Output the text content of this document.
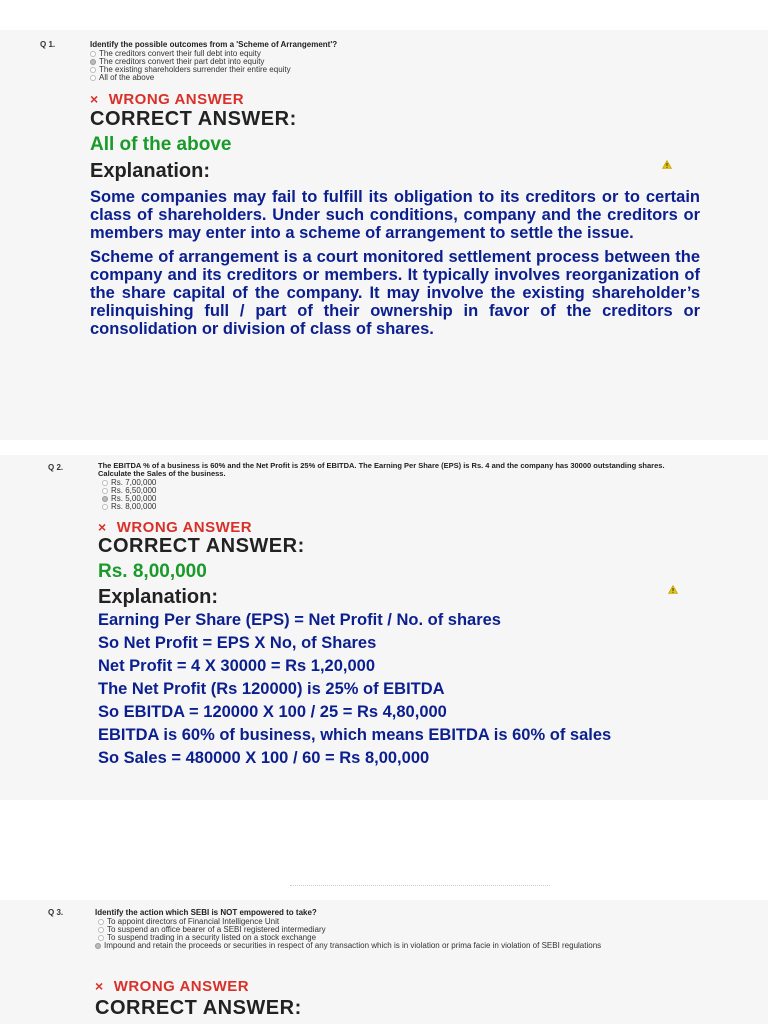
Q 1.	Identify the possible outcomes from a 'Scheme of Arrangement'?
The creditors convert their full debt into equity
The creditors convert their part debt into equity
The existing shareholders surrender their entire equity
All of the above
× WRONG ANSWER
CORRECT ANSWER:
All of the above
Explanation:

Some companies may fail to fulfill its obligation to its creditors or to certain class of shareholders. Under such conditions, company and the creditors or members may enter into a scheme of arrangement to settle the issue.

Scheme of arrangement is a court monitored settlement process between the company and its creditors or members. It typically involves reorganization of the share capital of the company. It may involve the existing shareholder’s relinquishing full / part of their ownership in favor of the creditors or consolidation or division of class of shares.

Q 2.	The EBITDA % of a business is 60% and the Net Profit is 25% of EBITDA. The Earning Per Share (EPS) is Rs. 4 and the company has 30000 outstanding shares. Calculate the Sales of the business.
Rs. 7,00,000
Rs. 6,50,000
Rs. 5,00,000
Rs. 8,00,000
× WRONG ANSWER
CORRECT ANSWER:
Rs. 8,00,000
Explanation:
Earning Per Share (EPS) = Net Profit / No. of shares
So Net Profit = EPS X No, of Shares
Net Profit = 4 X 30000 = Rs 1,20,000
The Net Profit (Rs 120000) is 25% of EBITDA
So EBITDA = 120000 X 100 / 25 = Rs 4,80,000
EBITDA is 60% of business, which means EBITDA is 60% of sales
So Sales = 480000 X 100 / 60 = Rs 8,00,000
Q 3.	Identify the action which SEBI is NOT empowered to take?
To appoint directors of Financial Intelligence Unit
To suspend an office bearer of a SEBI registered intermediary
To suspend trading in a security listed on a stock exchange
Impound and retain the proceeds or securities in respect of any transaction which is in violation or prima facie in violation of SEBI regulations
× WRONG ANSWER
CORRECT ANSWER:
